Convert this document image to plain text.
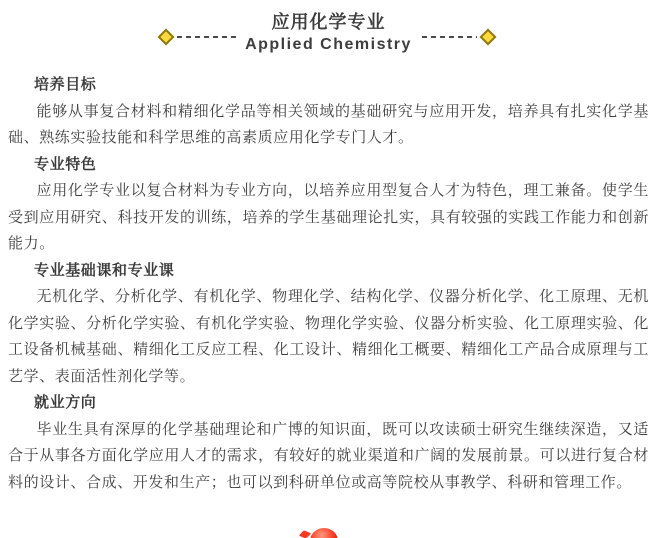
应用化学专业
Applied Chemistry
培养目标

能够从事复合材料和精细化学品等相关领域的基础研究与应用开发，培养具有扎实化学基础、熟练实验技能和科学思维的高素质应用化学专门人才。

专业特色

应用化学专业以复合材料为专业方向，以培养应用型复合人才为特色，理工兼备。使学生受到应用研究、科技开发的训练，培养的学生基础理论扎实，具有较强的实践工作能力和创新能力。

专业基础课和专业课

无机化学、分析化学、有机化学、物理化学、结构化学、仪器分析化学、化工原理、无机化学实验、分析化学实验、有机化学实验、物理化学实验、仪器分析实验、化工原理实验、化工设备机械基础、精细化工反应工程、化工设计、精细化工概要、精细化工产品合成原理与工艺学、表面活性剂化学等。

就业方向

毕业生具有深厚的化学基础理论和广博的知识面，既可以攻读硕士研究生继续深造，又适合于从事各方面化学应用人才的需求，有较好的就业渠道和广阔的发展前景。可以进行复合材料的设计、合成、开发和生产；也可以到科研单位或高等院校从事教学、科研和管理工作。
